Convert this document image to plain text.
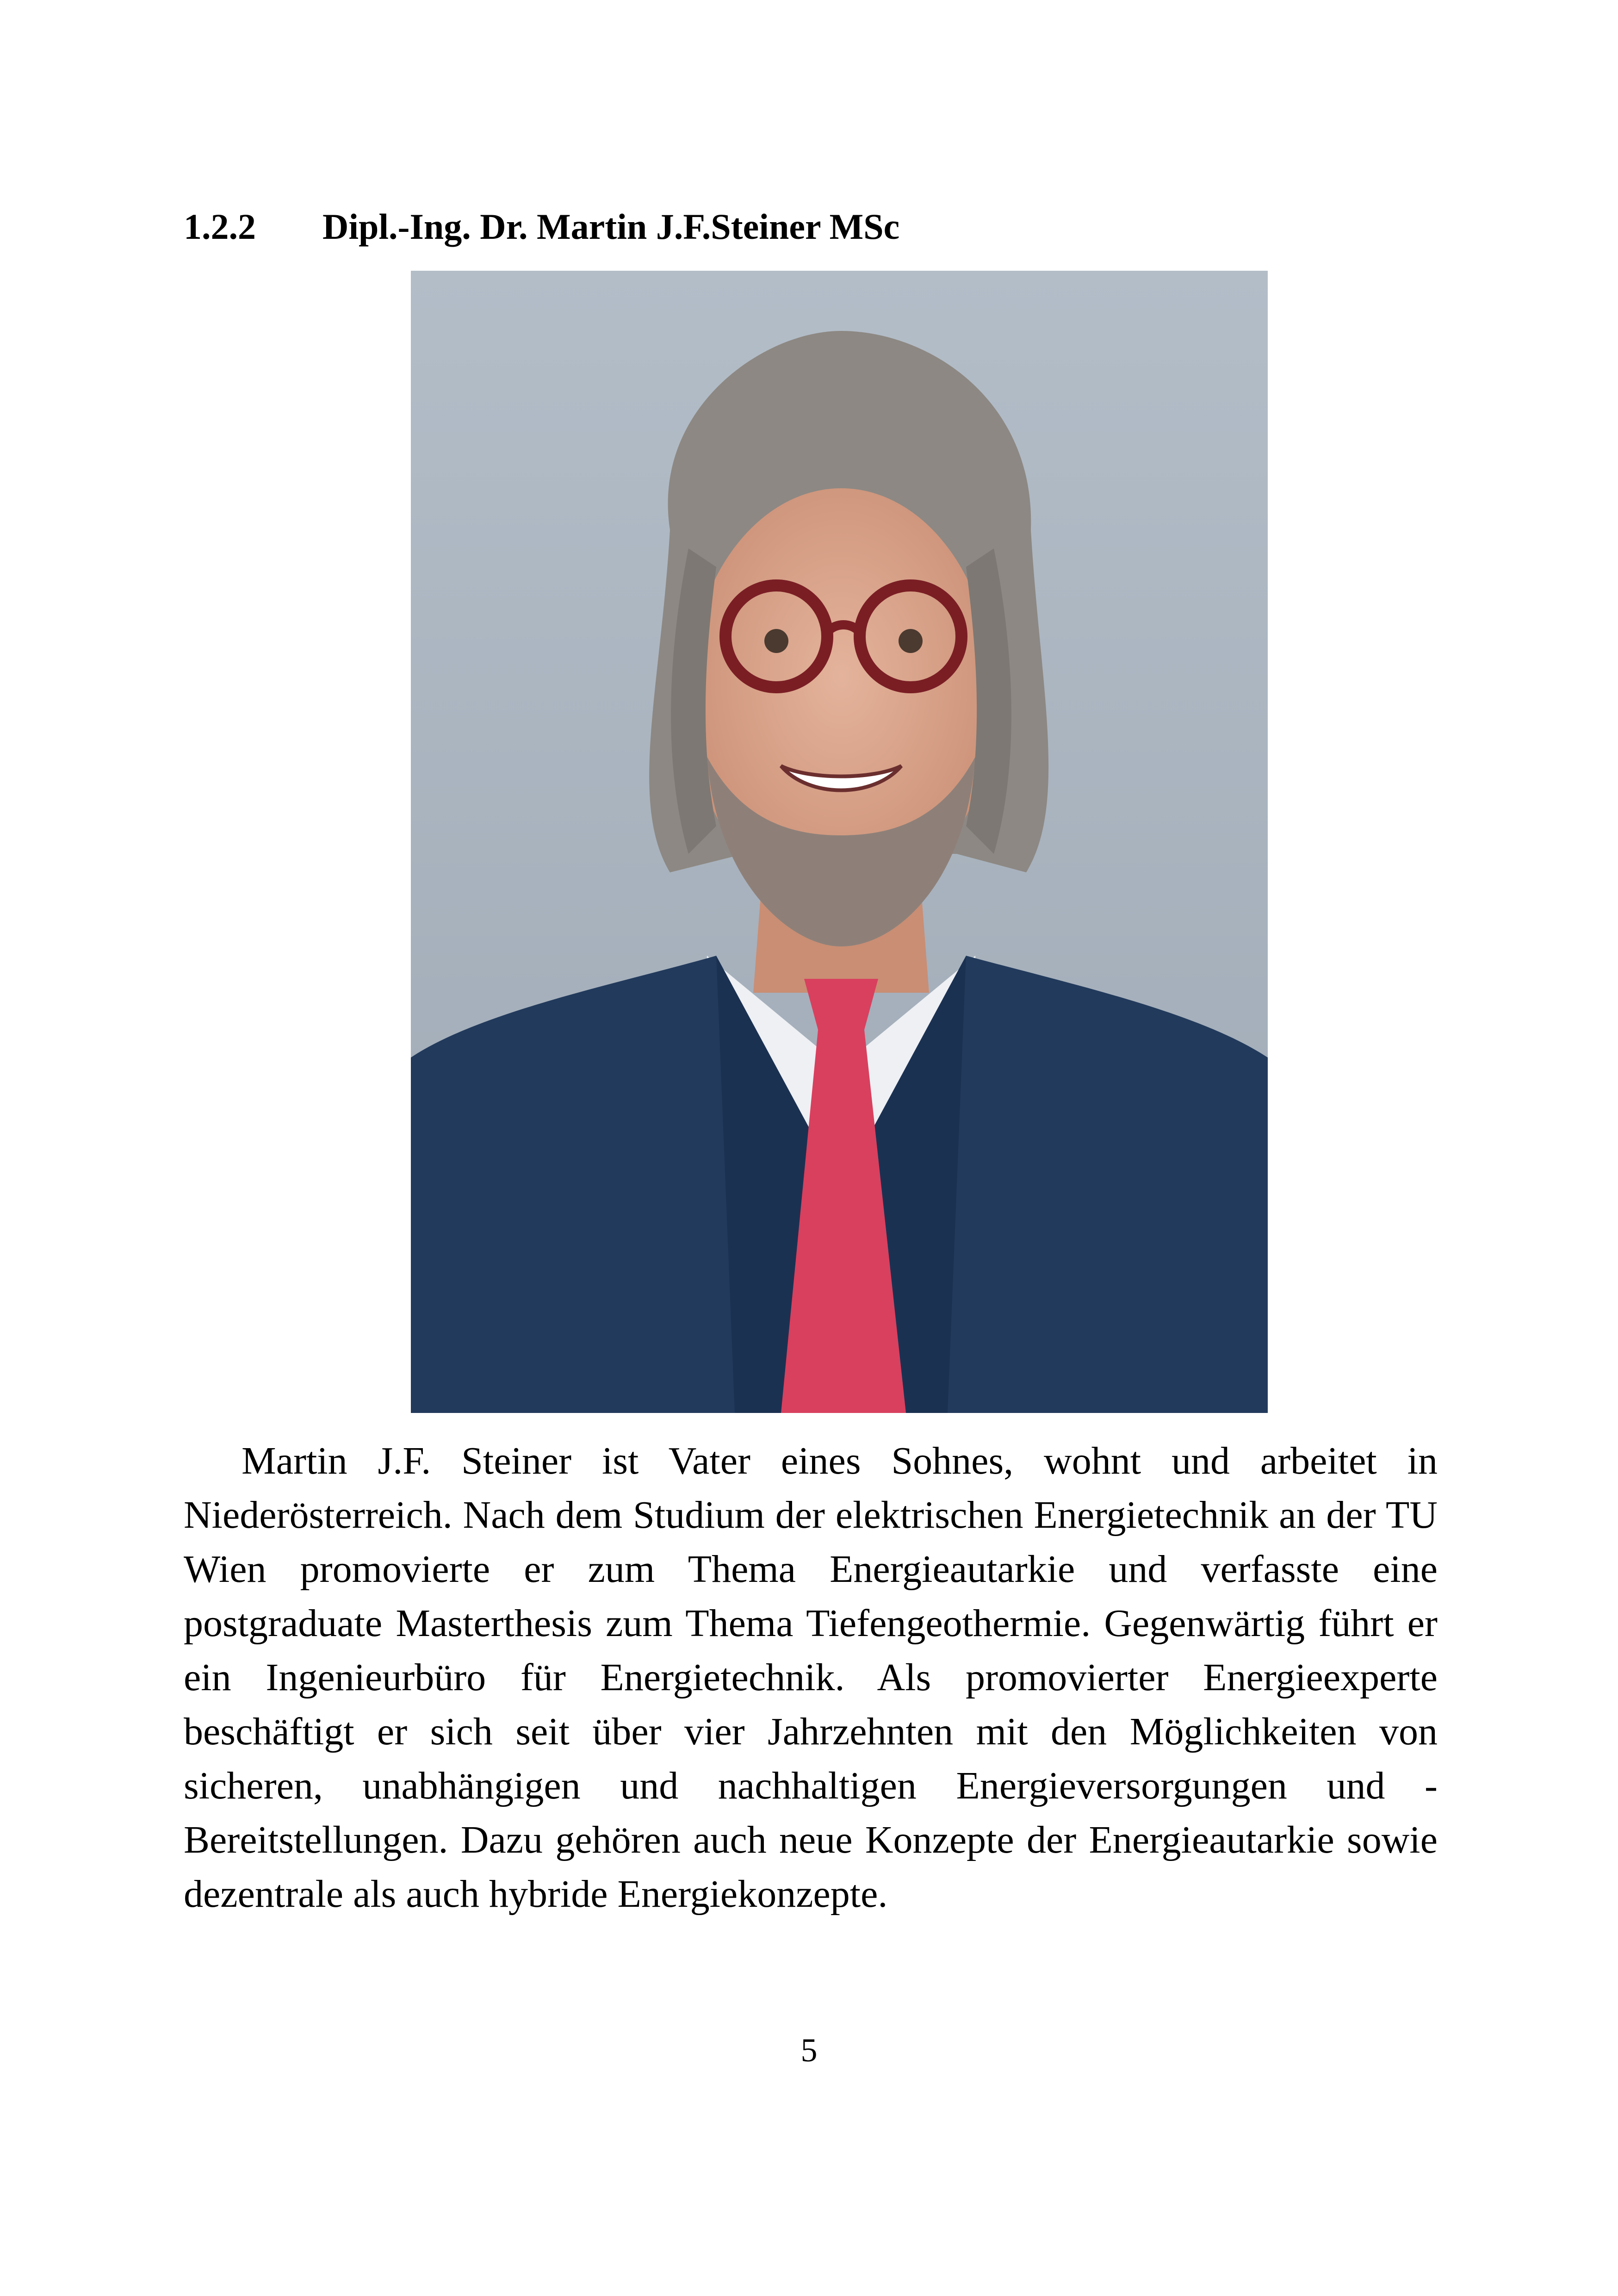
1.2.2 Dipl.-Ing. Dr. Martin J.F.Steiner MSc

Martin J.F. Steiner ist Vater eines Sohnes, wohnt und arbeitet in Niederösterreich. Nach dem Studium der elektrischen Energietechnik an der TU Wien promovierte er zum Thema Energieautarkie und verfasste eine postgraduate Masterthesis zum Thema Tiefengeothermie. Gegenwärtig führt er ein Ingenieurbüro für Energietechnik. Als promovierter Energieexperte beschäftigt er sich seit über vier Jahrzehnten mit den Möglichkeiten von sicheren, unabhängigen und nachhaltigen Energieversorgungen und -Bereitstellungen. Dazu gehören auch neue Konzepte der Energieautarkie sowie dezentrale als auch hybride Energiekonzepte.

5
